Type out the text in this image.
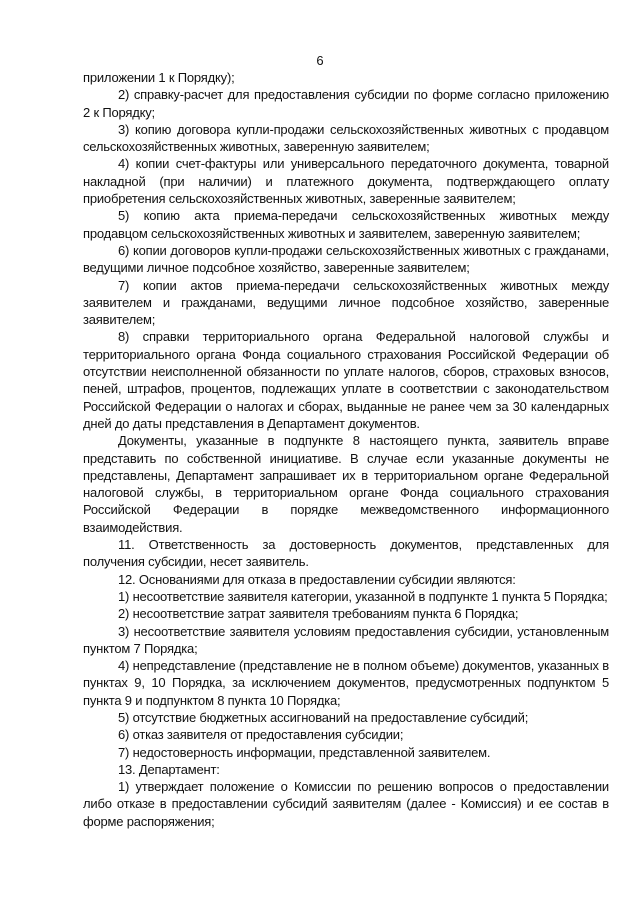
6

приложении 1 к Порядку);

2) справку-расчет для предоставления субсидии по форме согласно приложению 2 к Порядку;

3) копию договора купли-продажи сельскохозяйственных животных с продавцом сельскохозяйственных животных, заверенную заявителем;

4) копии счет-фактуры или универсального передаточного документа, товарной накладной (при наличии) и платежного документа, подтверждающего оплату приобретения сельскохозяйственных животных, заверенные заявителем;

5) копию акта приема-передачи сельскохозяйственных животных между продавцом сельскохозяйственных животных и заявителем, заверенную заявителем;

6) копии договоров купли-продажи сельскохозяйственных животных с гражданами, ведущими личное подсобное хозяйство, заверенные заявителем;

7) копии актов приема-передачи сельскохозяйственных животных между заявителем и гражданами, ведущими личное подсобное хозяйство, заверенные заявителем;

8) справки территориального органа Федеральной налоговой службы и территориального органа Фонда социального страхования Российской Федерации об отсутствии неисполненной обязанности по уплате налогов, сборов, страховых взносов, пеней, штрафов, процентов, подлежащих уплате в соответствии с законодательством Российской Федерации о налогах и сборах, выданные не ранее чем за 30 календарных дней до даты представления в Департамент документов.

Документы, указанные в подпункте 8 настоящего пункта, заявитель вправе представить по собственной инициативе. В случае если указанные документы не представлены, Департамент запрашивает их в территориальном органе Федеральной налоговой службы, в территориальном органе Фонда социального страхования Российской Федерации в порядке межведомственного информационного взаимодействия.

11. Ответственность за достоверность документов, представленных для получения субсидии, несет заявитель.

12. Основаниями для отказа в предоставлении субсидии являются:

1) несоответствие заявителя категории, указанной в подпункте 1 пункта 5 Порядка;

2) несоответствие затрат заявителя требованиям пункта 6 Порядка;

3) несоответствие заявителя условиям предоставления субсидии, установленным пунктом 7 Порядка;

4) непредставление (представление не в полном объеме) документов, указанных в пунктах 9, 10 Порядка, за исключением документов, предусмотренных подпунктом 5 пункта 9 и подпунктом 8 пункта 10 Порядка;

5) отсутствие бюджетных ассигнований на предоставление субсидий;

6) отказ заявителя от предоставления субсидии;

7) недостоверность информации, представленной заявителем.

13. Департамент:

1) утверждает положение о Комиссии по решению вопросов о предоставлении либо отказе в предоставлении субсидий заявителям (далее - Комиссия) и ее состав в форме распоряжения;
